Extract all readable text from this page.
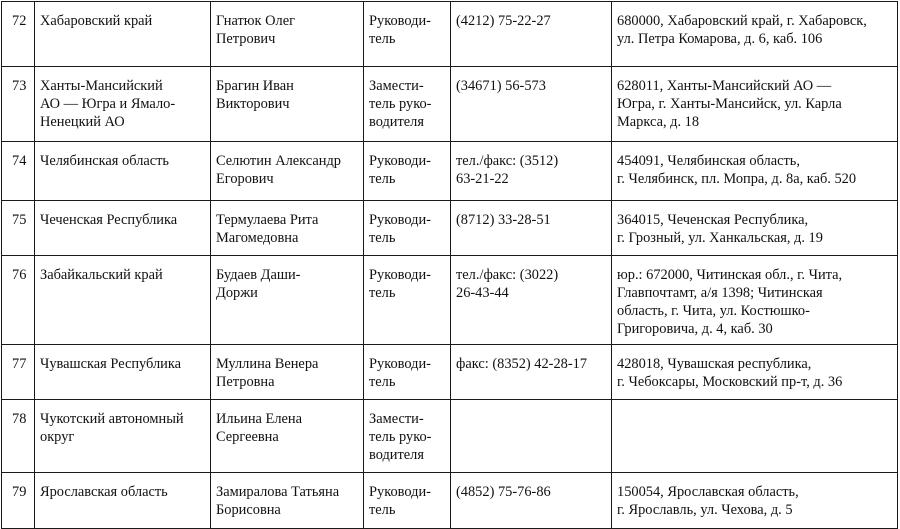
72	Хабаровский край	Гнатюк Олег
Петрович	Руководи-
тель	(4212) 75-22-27	680000, Хабаровский край, г. Хабаровск,
ул. Петра Комарова, д. 6, каб. 106
73	Ханты-Мансийский
АО — Югра и Ямало-
Ненецкий АО	Брагин Иван
Викторович	Замести-
тель руко-
водителя	(34671) 56-573	628011, Ханты-Мансийский АО —
Югра, г. Ханты-Мансийск, ул. Карла
Маркса, д. 18
74	Челябинская область	Селютин Александр
Егорович	Руководи-
тель	тел./факс: (3512)
63-21-22	454091, Челябинская область,
г. Челябинск, пл. Мопра, д. 8а, каб. 520
75	Чеченская Республика	Термулаева Рита
Магомедовна	Руководи-
тель	(8712) 33-28-51	364015, Чеченская Республика,
г. Грозный, ул. Ханкальская, д. 19
76	Забайкальский край	Будаев Даши-
Доржи	Руководи-
тель	тел./факс: (3022)
26-43-44	юр.: 672000, Читинская обл., г. Чита,
Главпочтамт, а/я 1398; Читинская
область, г. Чита, ул. Костюшко-
Григоровича, д. 4, каб. 30
77	Чувашская Республика	Муллина Венера
Петровна	Руководи-
тель	факс: (8352) 42-28-17	428018, Чувашская республика,
г. Чебоксары, Московский пр-т, д. 36
78	Чукотский автономный
округ	Ильина Елена
Сергеевна	Замести-
тель руко-
водителя		
79	Ярославская область	Замиралова Татьяна
Борисовна	Руководи-
тель	(4852) 75-76-86	150054, Ярославская область,
г. Ярославль, ул. Чехова, д. 5
